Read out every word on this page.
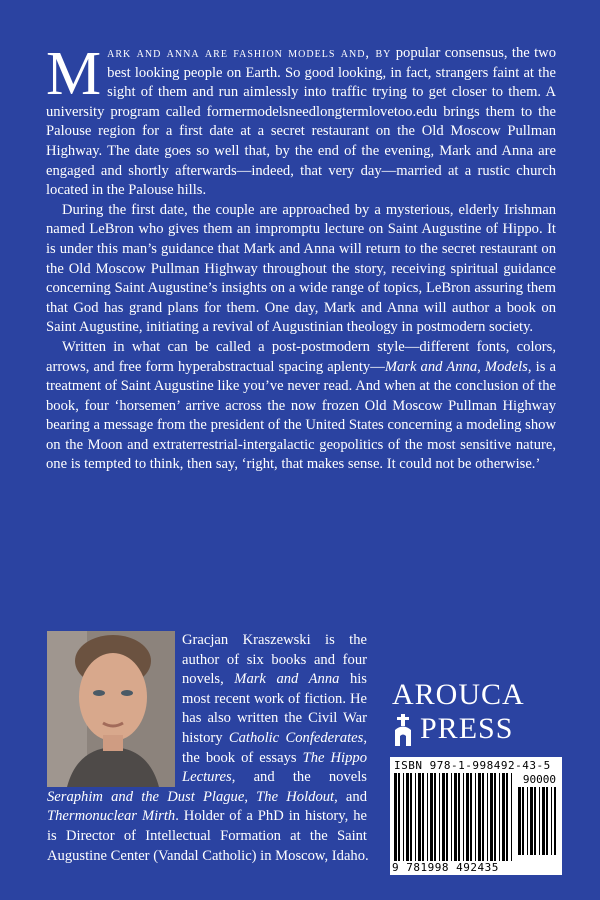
Mark and anna are fashion models and, by popular consensus, the two best looking people on Earth. So good looking, in fact, strangers faint at the sight of them and run aimlessly into traffic trying to get closer to them. A university program called formermodelsneedlongtermlovetoo.edu brings them to the Palouse region for a first date at a secret restaurant on the Old Moscow Pullman Highway. The date goes so well that, by the end of the evening, Mark and Anna are engaged and shortly afterwards—indeed, that very day—married at a rustic church located in the Palouse hills.

During the first date, the couple are approached by a mysterious, elderly Irishman named LeBron who gives them an impromptu lecture on Saint Augustine of Hippo. It is under this man’s guidance that Mark and Anna will return to the secret restaurant on the Old Moscow Pullman Highway throughout the story, receiving spiritual guidance concerning Saint Augustine’s insights on a wide range of topics, LeBron assuring them that God has grand plans for them. One day, Mark and Anna will author a book on Saint Augustine, initiating a revival of Augustinian theology in postmodern society.

Written in what can be called a post-postmodern style—different fonts, colors, arrows, and free form hyperabstractual spacing aplenty—Mark and Anna, Models, is a treatment of Saint Augustine like you’ve never read. And when at the conclusion of the book, four ‘horsemen’ arrive across the now frozen Old Moscow Pullman Highway bearing a message from the president of the United States concerning a modeling show on the Moon and extraterrestrial-intergalactic geopolitics of the most sensitive nature, one is tempted to think, then say, ‘right, that makes sense. It could not be otherwise.’

Gracjan Kraszewski is the author of six books and four novels, Mark and Anna his most recent work of fiction. He has also written the Civil War history Catholic Confederates, the book of essays The Hippo Lectures, and the novels Seraphim and the Dust Plague, The Holdout, and Thermonuclear Mirth. Holder of a PhD in history, he is Director of Intellectual Formation at the Saint Augustine Center (Vandal Catholic) in Moscow, Idaho.
AROUCA
PRESS
ISBN 978-1-998492-43-5
90000
9 781998 492435
